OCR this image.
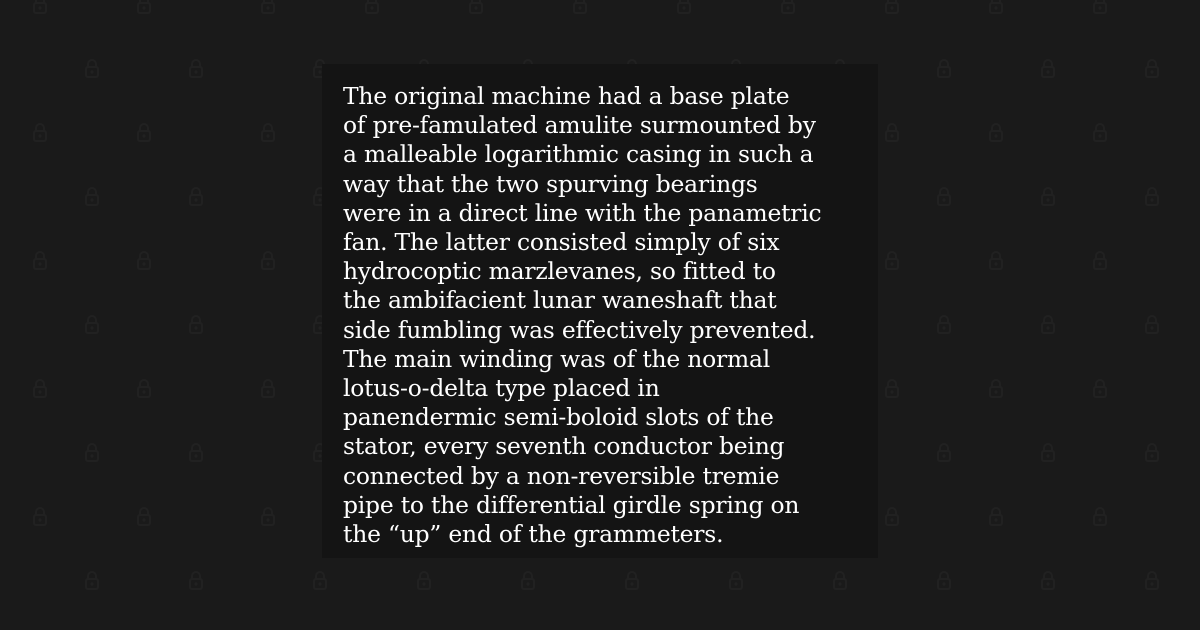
The original machine had a base plate
of pre-famulated amulite surmounted by
a malleable logarithmic casing in such a
way that the two spurving bearings
were in a direct line with the panametric
fan. The latter consisted simply of six
hydrocoptic marzlevanes, so fitted to
the ambifacient lunar waneshaft that
side fumbling was effectively prevented.
The main winding was of the normal
lotus-o-delta type placed in
panendermic semi-boloid slots of the
stator, every seventh conductor being
connected by a non-reversible tremie
pipe to the differential girdle spring on
the “up” end of the grammeters.
